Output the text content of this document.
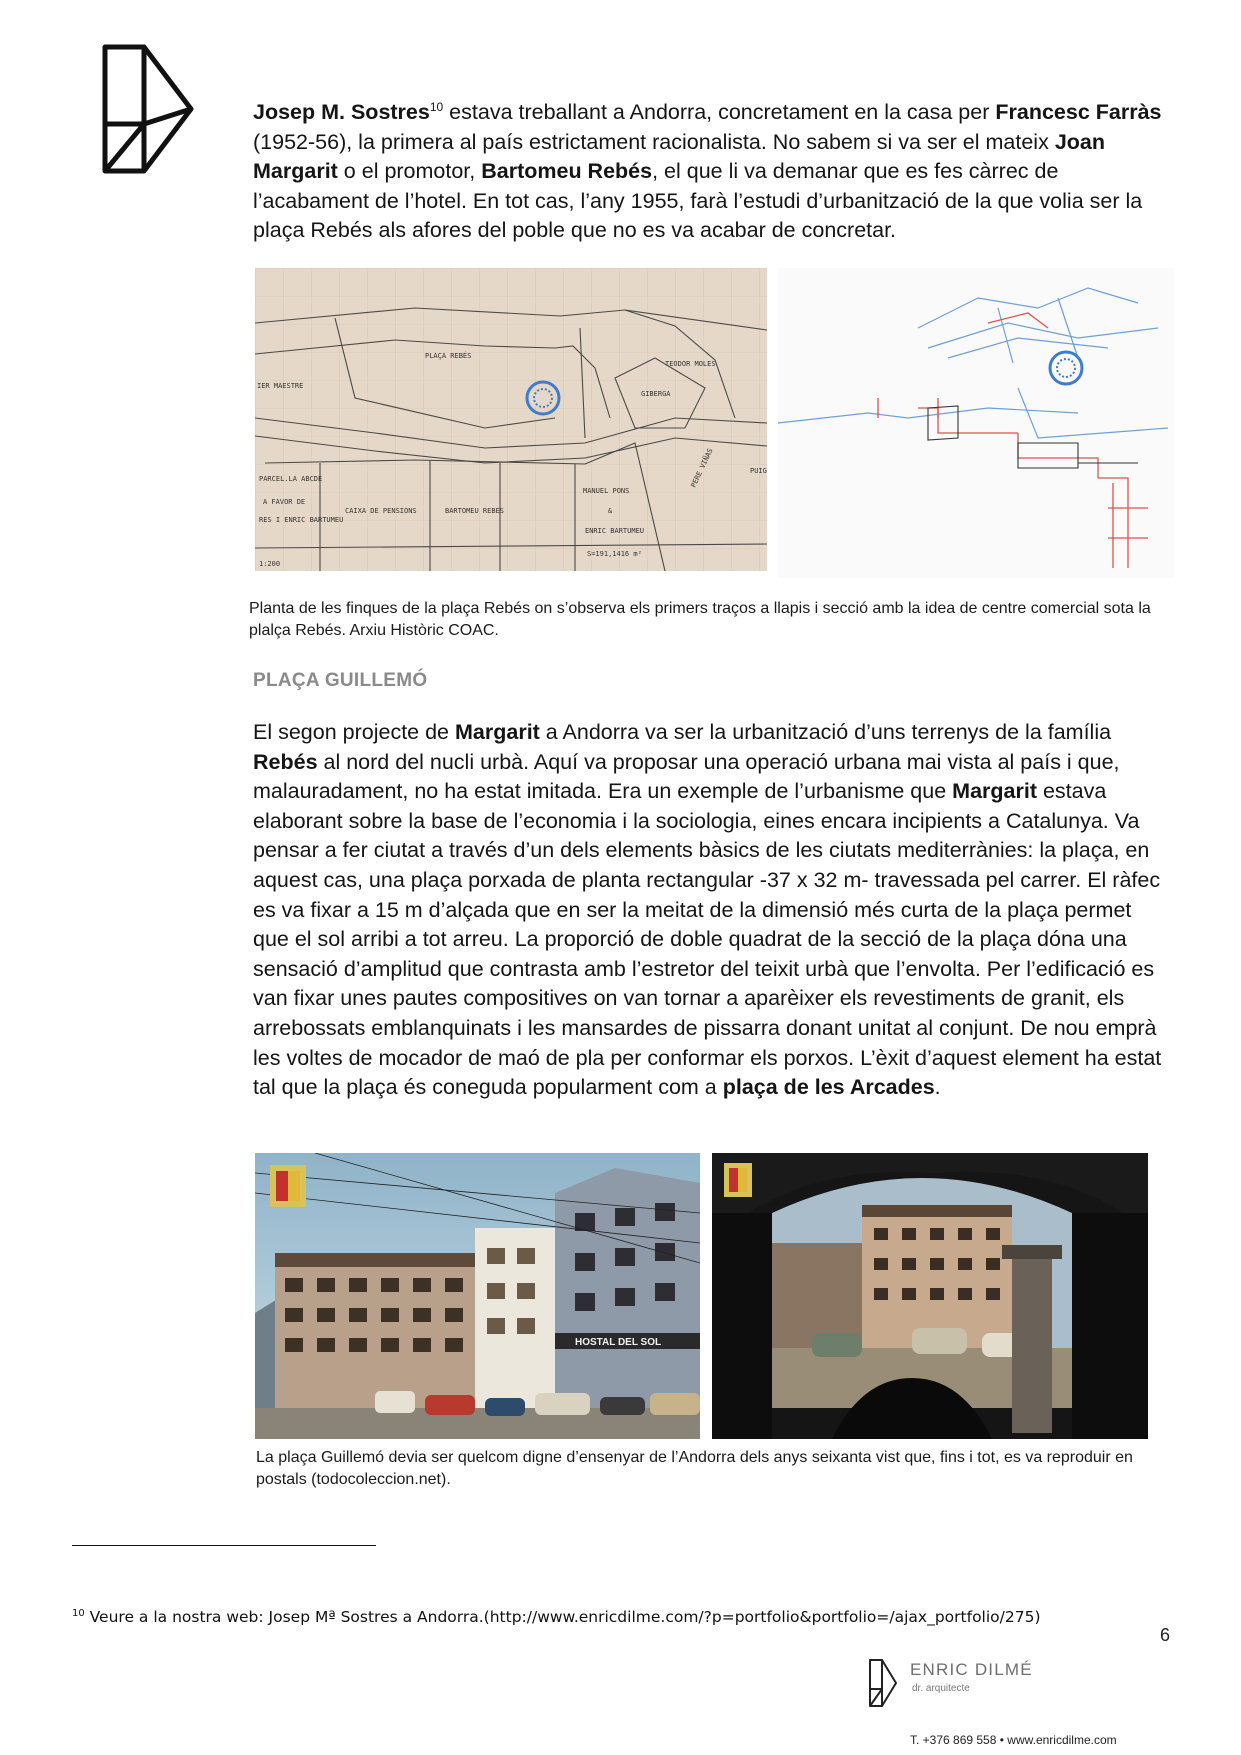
Josep M. Sostres$^{10}$ estava treballant a Andorra, concretament en la casa per Francesc Farràs (1952-56), la primera al país estrictament racionalista. No sabem si va ser el mateix Joan Margarit o el promotor, Bartomeu Rebés, el que li va demanar que es fes càrrec de l’acabament de l’hotel. En tot cas, l’any 1955, farà l’estudi d’urbanització de la que volia ser la plaça Rebés als afores del poble que no es va acabar de concretar.

PLAÇA REBÉS
TEODOR MOLES
GIBERGA
IER MAESTRE
PARCEL.LA ABCDE
A FAVOR DE
RES I ENRIC BARTUMEU
CAIXA DE PENSIONS	BARTOMEU REBES
MANUEL PONS
&
ENRIC BARTUMEU
S=191,1416 m²
PERE VIÑAS	PUIG
1:200

Planta de les finques de la plaça Rebés on s’observa els primers traços a llapis i secció amb la idea de centre comercial sota la plalça Rebés. Arxiu Històric COAC.

PLAÇA GUILLEMÓ

El segon projecte de Margarit a Andorra va ser la urbanització d’uns terrenys de la família Rebés al nord del nucli urbà. Aquí va proposar una operació urbana mai vista al país i que, malauradament, no ha estat imitada. Era un exemple de l’urbanisme que Margarit estava elaborant sobre la base de l’economia i la sociologia, eines encara incipients a Catalunya. Va pensar a fer ciutat a través d’un dels elements bàsics de les ciutats mediterrànies: la plaça, en aquest cas, una plaça porxada de planta rectangular -37 x 32 m- travessada pel carrer. El ràfec es va fixar a 15 m d’alçada que en ser la meitat de la dimensió més curta de la plaça permet que el sol arribi a tot arreu. La proporció de doble quadrat de la secció de la plaça dóna una sensació d’amplitud que contrasta amb l’estretor del teixit urbà que l’envolta. Per l’edificació es van fixar unes pautes compositives on van tornar a aparèixer els revestiments de granit, els arrebossats emblanquinats i les mansardes de pissarra donant unitat al conjunt. De nou emprà les voltes de mocador de maó de pla per conformar els porxos. L’èxit d’aquest element ha estat tal que la plaça és coneguda popularment com a plaça de les Arcades.

HOSTAL DEL SOL

La plaça Guillemó devia ser quelcom digne d’ensenyar de l’Andorra dels anys seixanta vist que, fins i tot, es va reproduir en postals (todocoleccion.net).

$^{10}$ Veure a la nostra web: Josep Mª Sostres a Andorra.(http://www.enricdilme.com/?p=portfolio&portfolio=/ajax_portfolio/275)
6
ENRIC DILMÉ
dr. arquitecte
T. +376 869 558 • www.enricdilme.com
